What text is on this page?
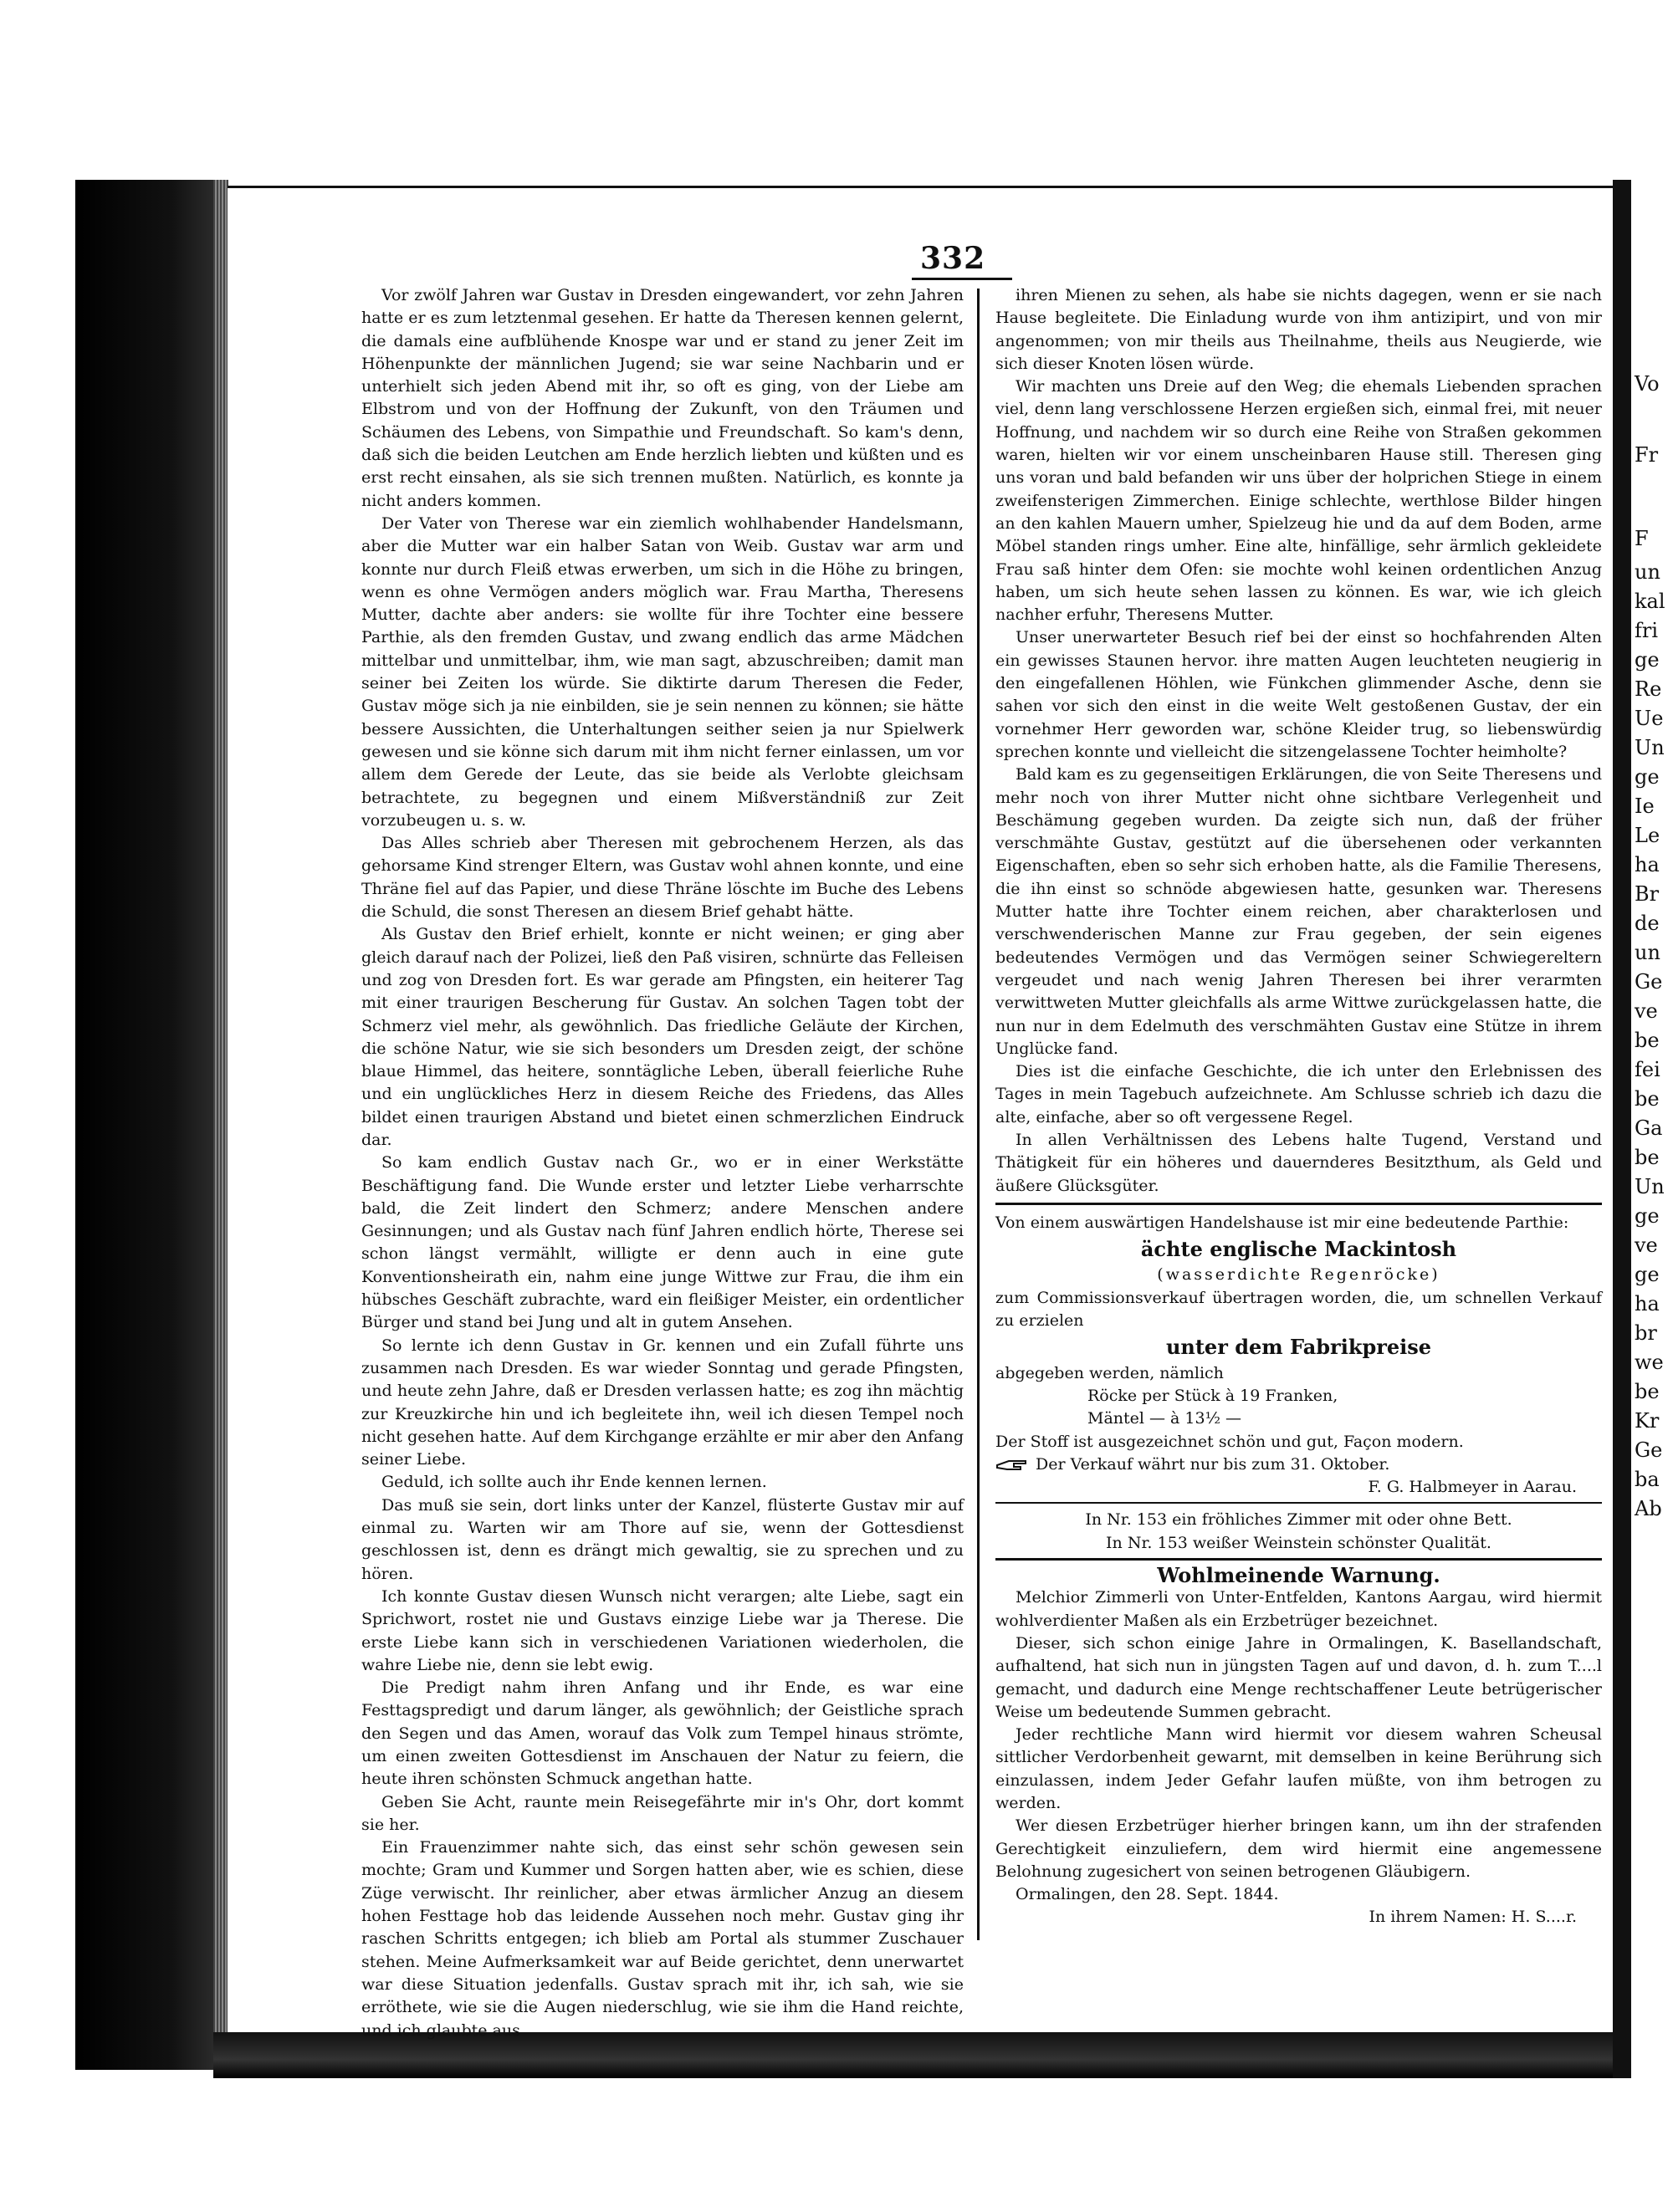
Vo
Fr
F
un
kal
fri
ge
Re
Ue
Un
ge
Ie
Le
ha
Br
de
un
Ge
ve
be
fei
be
Ga
be
Un
ge
ve
ge
ha
br
we
be
Kr
Ge
ba
Ab
332

Vor zwölf Jahren war Gustav in Dresden eingewandert, vor zehn Jahren hatte er es zum letztenmal gesehen. Er hatte da Theresen kennen gelernt, die damals eine aufblühende Knospe war und er stand zu jener Zeit im Höhenpunkte der männlichen Jugend; sie war seine Nachbarin und er unterhielt sich jeden Abend mit ihr, so oft es ging, von der Liebe am Elbstrom und von der Hoffnung der Zukunft, von den Träumen und Schäumen des Lebens, von Simpathie und Freundschaft. So kam's denn, daß sich die beiden Leutchen am Ende herzlich liebten und küßten und es erst recht einsahen, als sie sich trennen mußten. Natürlich, es konnte ja nicht anders kommen.

Der Vater von Therese war ein ziemlich wohlhabender Handelsmann, aber die Mutter war ein halber Satan von Weib. Gustav war arm und konnte nur durch Fleiß etwas erwerben, um sich in die Höhe zu bringen, wenn es ohne Vermögen anders möglich war. Frau Martha, Theresens Mutter, dachte aber anders: sie wollte für ihre Tochter eine bessere Parthie, als den fremden Gustav, und zwang endlich das arme Mädchen mittelbar und unmittelbar, ihm, wie man sagt, abzuschreiben; damit man seiner bei Zeiten los würde. Sie diktirte darum Theresen die Feder, Gustav möge sich ja nie einbilden, sie je sein nennen zu können; sie hätte bessere Aussichten, die Unterhaltungen seither seien ja nur Spielwerk gewesen und sie könne sich darum mit ihm nicht ferner einlassen, um vor allem dem Gerede der Leute, das sie beide als Verlobte gleichsam betrachtete, zu begegnen und einem Mißverständniß zur Zeit vorzubeugen u. s. w.

Das Alles schrieb aber Theresen mit gebrochenem Herzen, als das gehorsame Kind strenger Eltern, was Gustav wohl ahnen konnte, und eine Thräne fiel auf das Papier, und diese Thräne löschte im Buche des Lebens die Schuld, die sonst Theresen an diesem Brief gehabt hätte.

Als Gustav den Brief erhielt, konnte er nicht weinen; er ging aber gleich darauf nach der Polizei, ließ den Paß visiren, schnürte das Felleisen und zog von Dresden fort. Es war gerade am Pfingsten, ein heiterer Tag mit einer traurigen Bescherung für Gustav. An solchen Tagen tobt der Schmerz viel mehr, als gewöhnlich. Das friedliche Geläute der Kirchen, die schöne Natur, wie sie sich besonders um Dresden zeigt, der schöne blaue Himmel, das heitere, sonntägliche Leben, überall feierliche Ruhe und ein unglückliches Herz in diesem Reiche des Friedens, das Alles bildet einen traurigen Abstand und bietet einen schmerzlichen Eindruck dar.

So kam endlich Gustav nach Gr., wo er in einer Werkstätte Beschäftigung fand. Die Wunde erster und letzter Liebe verharrschte bald, die Zeit lindert den Schmerz; andere Menschen andere Gesinnungen; und als Gustav nach fünf Jahren endlich hörte, Therese sei schon längst vermählt, willigte er denn auch in eine gute Konventionsheirath ein, nahm eine junge Wittwe zur Frau, die ihm ein hübsches Geschäft zubrachte, ward ein fleißiger Meister, ein ordentlicher Bürger und stand bei Jung und alt in gutem Ansehen.

So lernte ich denn Gustav in Gr. kennen und ein Zufall führte uns zusammen nach Dresden. Es war wieder Sonntag und gerade Pfingsten, und heute zehn Jahre, daß er Dresden verlassen hatte; es zog ihn mächtig zur Kreuzkirche hin und ich begleitete ihn, weil ich diesen Tempel noch nicht gesehen hatte. Auf dem Kirchgange erzählte er mir aber den Anfang seiner Liebe.

Geduld, ich sollte auch ihr Ende kennen lernen.

Das muß sie sein, dort links unter der Kanzel, flüsterte Gustav mir auf einmal zu. Warten wir am Thore auf sie, wenn der Gottesdienst geschlossen ist, denn es drängt mich gewaltig, sie zu sprechen und zu hören.

Ich konnte Gustav diesen Wunsch nicht verargen; alte Liebe, sagt ein Sprichwort, rostet nie und Gustavs einzige Liebe war ja Therese. Die erste Liebe kann sich in verschiedenen Variationen wiederholen, die wahre Liebe nie, denn sie lebt ewig.

Die Predigt nahm ihren Anfang und ihr Ende, es war eine Festtagspredigt und darum länger, als gewöhnlich; der Geistliche sprach den Segen und das Amen, worauf das Volk zum Tempel hinaus strömte, um einen zweiten Gottesdienst im Anschauen der Natur zu feiern, die heute ihren schönsten Schmuck angethan hatte.

Geben Sie Acht, raunte mein Reisegefährte mir in's Ohr, dort kommt sie her.

Ein Frauenzimmer nahte sich, das einst sehr schön gewesen sein mochte; Gram und Kummer und Sorgen hatten aber, wie es schien, diese Züge verwischt. Ihr reinlicher, aber etwas ärmlicher Anzug an diesem hohen Festtage hob das leidende Aussehen noch mehr. Gustav ging ihr raschen Schritts entgegen; ich blieb am Portal als stummer Zuschauer stehen. Meine Aufmerksamkeit war auf Beide gerichtet, denn unerwartet war diese Situation jedenfalls. Gustav sprach mit ihr, ich sah, wie sie erröthete, wie sie die Augen niederschlug, wie sie ihm die Hand reichte, und ich glaubte aus

ihren Mienen zu sehen, als habe sie nichts dagegen, wenn er sie nach Hause begleitete. Die Einladung wurde von ihm antizipirt, und von mir angenommen; von mir theils aus Theilnahme, theils aus Neugierde, wie sich dieser Knoten lösen würde.

Wir machten uns Dreie auf den Weg; die ehemals Liebenden sprachen viel, denn lang verschlossene Herzen ergießen sich, einmal frei, mit neuer Hoffnung, und nachdem wir so durch eine Reihe von Straßen gekommen waren, hielten wir vor einem unscheinbaren Hause still. Theresen ging uns voran und bald befanden wir uns über der holprichen Stiege in einem zweifensterigen Zimmerchen. Einige schlechte, werthlose Bilder hingen an den kahlen Mauern umher, Spielzeug hie und da auf dem Boden, arme Möbel standen rings umher. Eine alte, hinfällige, sehr ärmlich gekleidete Frau saß hinter dem Ofen: sie mochte wohl keinen ordentlichen Anzug haben, um sich heute sehen lassen zu können. Es war, wie ich gleich nachher erfuhr, Theresens Mutter.

Unser unerwarteter Besuch rief bei der einst so hochfahrenden Alten ein gewisses Staunen hervor. ihre matten Augen leuchteten neugierig in den eingefallenen Höhlen, wie Fünkchen glimmender Asche, denn sie sahen vor sich den einst in die weite Welt gestoßenen Gustav, der ein vornehmer Herr geworden war, schöne Kleider trug, so liebenswürdig sprechen konnte und vielleicht die sitzengelassene Tochter heimholte?

Bald kam es zu gegenseitigen Erklärungen, die von Seite Theresens und mehr noch von ihrer Mutter nicht ohne sichtbare Verlegenheit und Beschämung gegeben wurden. Da zeigte sich nun, daß der früher verschmähte Gustav, gestützt auf die übersehenen oder verkannten Eigenschaften, eben so sehr sich erhoben hatte, als die Familie Theresens, die ihn einst so schnöde abgewiesen hatte, gesunken war. Theresens Mutter hatte ihre Tochter einem reichen, aber charakterlosen und verschwenderischen Manne zur Frau gegeben, der sein eigenes bedeutendes Vermögen und das Vermögen seiner Schwiegereltern vergeudet und nach wenig Jahren Theresen bei ihrer verarmten verwittweten Mutter gleichfalls als arme Wittwe zurückgelassen hatte, die nun nur in dem Edelmuth des verschmähten Gustav eine Stütze in ihrem Unglücke fand.

Dies ist die einfache Geschichte, die ich unter den Erlebnissen des Tages in mein Tagebuch aufzeichnete. Am Schlusse schrieb ich dazu die alte, einfache, aber so oft vergessene Regel.

In allen Verhältnissen des Lebens halte Tugend, Verstand und Thätigkeit für ein höheres und dauernderes Besitzthum, als Geld und äußere Glücksgüter.

Von einem auswärtigen Handelshause ist mir eine bedeutende Parthie:

ächte englische Mackintosh

(wasserdichte Regenröcke)

zum Commissionsverkauf übertragen worden, die, um schnellen Verkauf zu erzielen

unter dem Fabrikpreise

abgegeben werden, nämlich

Röcke per Stück à 19 Franken,

Mäntel — à 13½ —

Der Stoff ist ausgezeichnet schön und gut, Façon modern.

Der Verkauf währt nur bis zum 31. Oktober.

F. G. Halbmeyer in Aarau.

In Nr. 153 ein fröhliches Zimmer mit oder ohne Bett.

In Nr. 153 weißer Weinstein schönster Qualität.

Wohlmeinende Warnung.

Melchior Zimmerli von Unter-Entfelden, Kantons Aargau, wird hiermit wohlverdienter Maßen als ein Erzbetrüger bezeichnet.

Dieser, sich schon einige Jahre in Ormalingen, K. Basellandschaft, aufhaltend, hat sich nun in jüngsten Tagen auf und davon, d. h. zum T....l gemacht, und dadurch eine Menge rechtschaffener Leute betrügerischer Weise um bedeutende Summen gebracht.

Jeder rechtliche Mann wird hiermit vor diesem wahren Scheusal sittlicher Verdorbenheit gewarnt, mit demselben in keine Berührung sich einzulassen, indem Jeder Gefahr laufen müßte, von ihm betrogen zu werden.

Wer diesen Erzbetrüger hierher bringen kann, um ihn der strafenden Gerechtigkeit einzuliefern, dem wird hiermit eine angemessene Belohnung zugesichert von seinen betrogenen Gläubigern.

Ormalingen, den 28. Sept. 1844.

In ihrem Namen: H. S....r.
